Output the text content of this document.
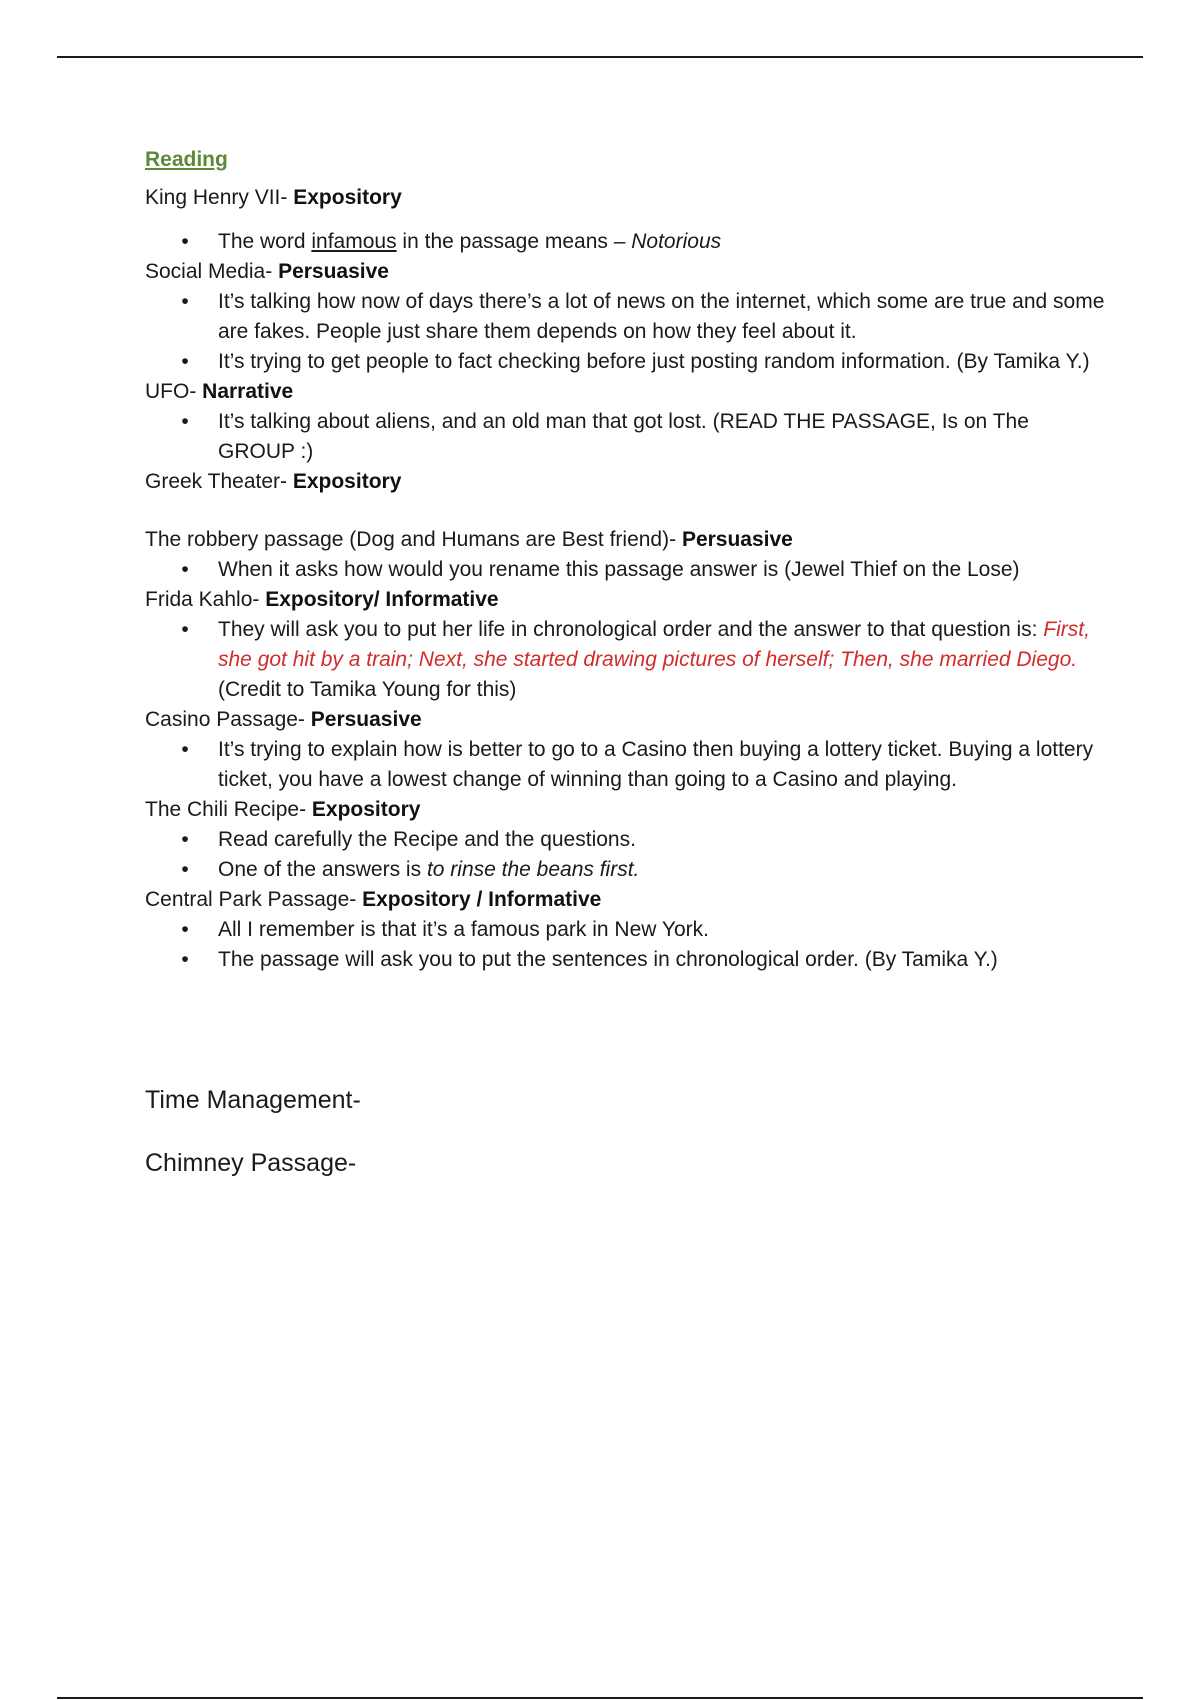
Reading

King Henry VII- Expository

• The word infamous in the passage means – Notorious

Social Media- Persuasive

• It’s talking how now of days there’s a lot of news on the internet, which some are true and some are fakes. People just share them depends on how they feel about it.
• It’s trying to get people to fact checking before just posting random information. (By Tamika Y.)

UFO- Narrative

• It’s talking about aliens, and an old man that got lost. (READ THE PASSAGE, Is on The GROUP :)

Greek Theater- Expository

The robbery passage (Dog and Humans are Best friend)- Persuasive

• When it asks how would you rename this passage answer is (Jewel Thief on the Lose)

Frida Kahlo- Expository/ Informative

• They will ask you to put her life in chronological order and the answer to that question is: First, she got hit by a train; Next, she started drawing pictures of herself; Then, she married Diego. (Credit to Tamika Young for this)

Casino Passage- Persuasive

• It’s trying to explain how is better to go to a Casino then buying a lottery ticket. Buying a lottery ticket, you have a lowest change of winning than going to a Casino and playing.

The Chili Recipe- Expository

• Read carefully the Recipe and the questions.
• One of the answers is to rinse the beans first.

Central Park Passage- Expository / Informative

• All I remember is that it’s a famous park in New York.
• The passage will ask you to put the sentences in chronological order. (By Tamika Y.)

Time Management-

Chimney Passage-
